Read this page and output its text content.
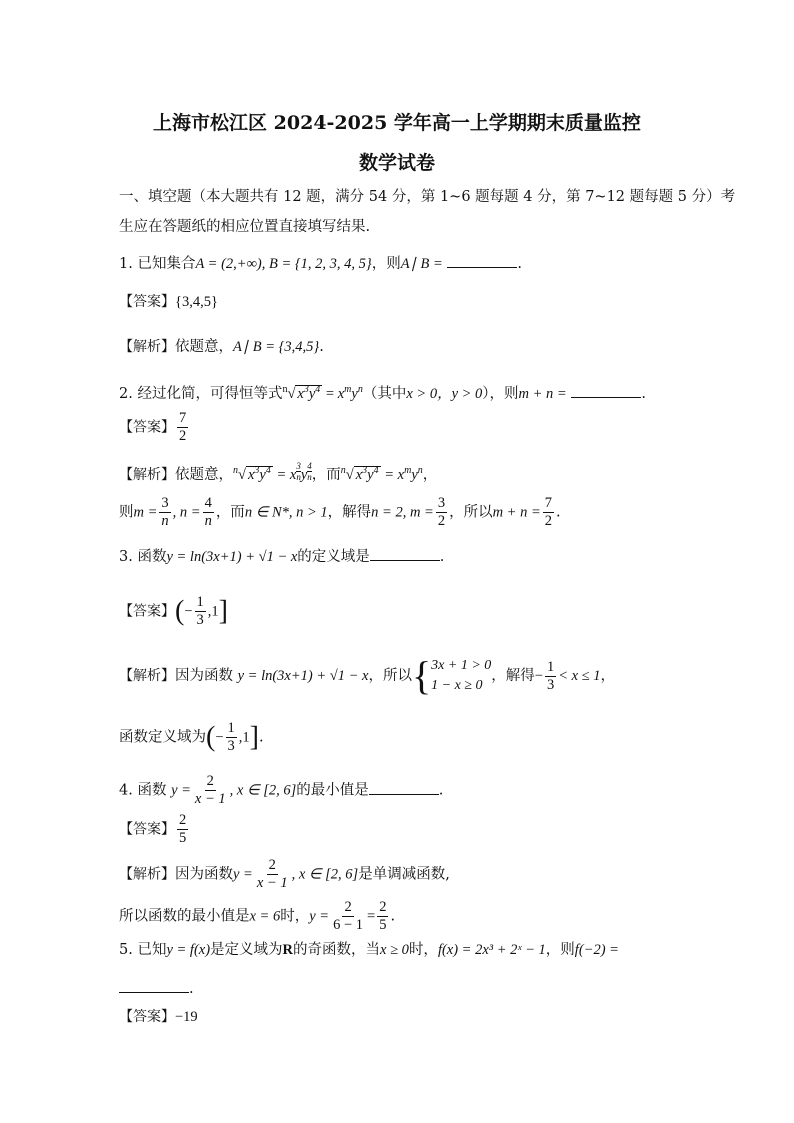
上海市松江区 2024-2025 学年高一上学期期末质量监控
数学试卷
一、填空题（本大题共有 12 题，满分 54 分，第 1~6 题每题 4 分，第 7~12 题每题 5 分）考
生应在答题纸的相应位置直接填写结果.
1. 已知集合A = (2,+∞), B = {1, 2, 3, 4, 5}，则A∣ B =	.
【答案】{3,4,5}
【解析】依题意，A∣ B = {3,4,5}.
2. 经过化简，可得恒等式$^n$√ $x^3y^4 = x^my^n$（其中x > 0，y > 0），则m + n =	.
【答案】 $\frac{7}{2}$
【解析】依题意，$^n$√ $x^3y^4 = x \frac{3}{n}$ y $\frac{4}{n}$ ，而$^n$√ $x^3y^4 = x^my^n$，
则$m = \frac{3}{n}$ , $n = \frac{4}{n}$ ，而n ∈ N*, n > 1，解得n = 2, $m = \frac{3}{2}$ ，所以$m + n = \frac{7}{2}$ .
3. 函数y = ln(3x+1) + √1 − x的定义域是	.
【答案】(− $\frac{1}{3} ,1$]
【解析】因为函数 y = ln(3x+1) + √1 − x，所以 { 3x + 1 > 0
1 − x ≥ 0
，解得− $\frac{1}{3} < x \le 1$，
函数定义域为(− $\frac{1}{3} ,1$].
4. 函数 $y = \frac{2}{x - 1}$ , x ∈ [2, 6]的最小值是	.
【答案】 $\frac{2}{5}$
【解析】因为函数$y = \frac{2}{x - 1}$ , x ∈ [2, 6]是单调减函数,
所以函数的最小值是x = 6时，$y = \frac{2}{6 - 1} = \frac{2}{5}$ .
5. 已知y = f(x)是定义域为R的奇函数，当x ≥ 0时，f(x) = 2x³ + 2ˣ − 1，则f(−2) =
.
【答案】−19
